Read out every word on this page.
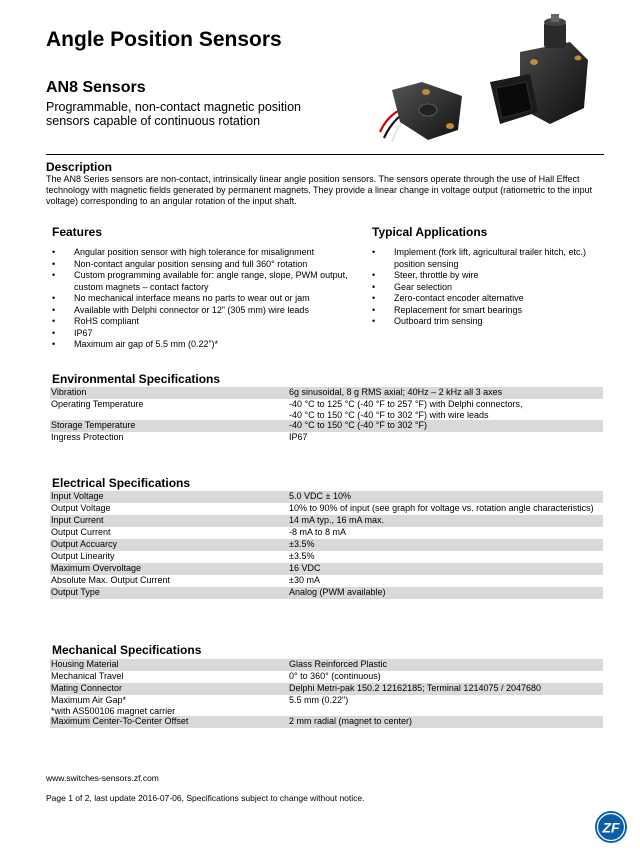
Angle Position Sensors
AN8 Sensors
Programmable, non-contact magnetic position sensors capable of continuous rotation
Description
The AN8 Series sensors are non-contact, intrinsically linear angle position sensors. The sensors operate through the use of Hall Effect technology with magnetic fields generated by permanent magnets. They provide a linear change in voltage output (ratiometric to the input voltage) corresponding to an angular rotation of the input shaft.
Features
• Angular position sensor with high tolerance for misalignment
• Non-contact angular position sensing and full 360° rotation
• Custom programming available for: angle range, slope, PWM output, custom magnets – contact factory
• No mechanical interface means no parts to wear out or jam
• Available with Delphi connector or 12” (305 mm) wire leads
• RoHS compliant
• IP67
• Maximum air gap of 5.5 mm (0.22”)*
Typical Applications
• Implement (fork lift, agricultural trailer hitch, etc.) position sensing
• Steer, throttle by wire
• Gear selection
• Zero-contact encoder alternative
• Replacement for smart bearings
• Outboard trim sensing
Environmental Specifications
Vibration	6g sinusoidal, 8 g RMS axial; 40Hz – 2 kHz all 3 axes
Operating Temperature	-40 °C to 125 °C (-40 °F to 257 °F) with Delphi connectors,
-40 °C to 150 °C (-40 °F to 302 °F) with wire leads
Storage Temperature	-40 °C to 150 °C (-40 °F to 302 °F)
Ingress Protection	IP67
Electrical Specifications
Input Voltage	5.0 VDC ± 10%
Output Voltage	10% to 90% of input (see graph for voltage vs. rotation angle characteristics)
Input Current	14 mA typ., 16 mA max.
Output Current	-8 mA to 8 mA
Output Accuarcy	±3.5%
Output Linearity	±3.5%
Maximum Overvoltage	16 VDC
Absolute Max. Output Current	±30 mA
Output Type	Analog (PWM available)
Mechanical Specifications
Housing Material	Glass Reinforced Plastic
Mechanical Travel	0° to 360° (continuous)
Mating Connector	Delphi Metri-pak 150.2 12162185; Terminal 1214075 / 2047680
Maximum Air Gap*
*with AS500106 magnet carrier	5.5 mm (0.22")
Maximum Center-To-Center Offset	2 mm radial (magnet to center)
www.switches-sensors.zf.com
Page 1 of 2, last update 2016-07-06, Specifications subject to change without notice.
ZF
